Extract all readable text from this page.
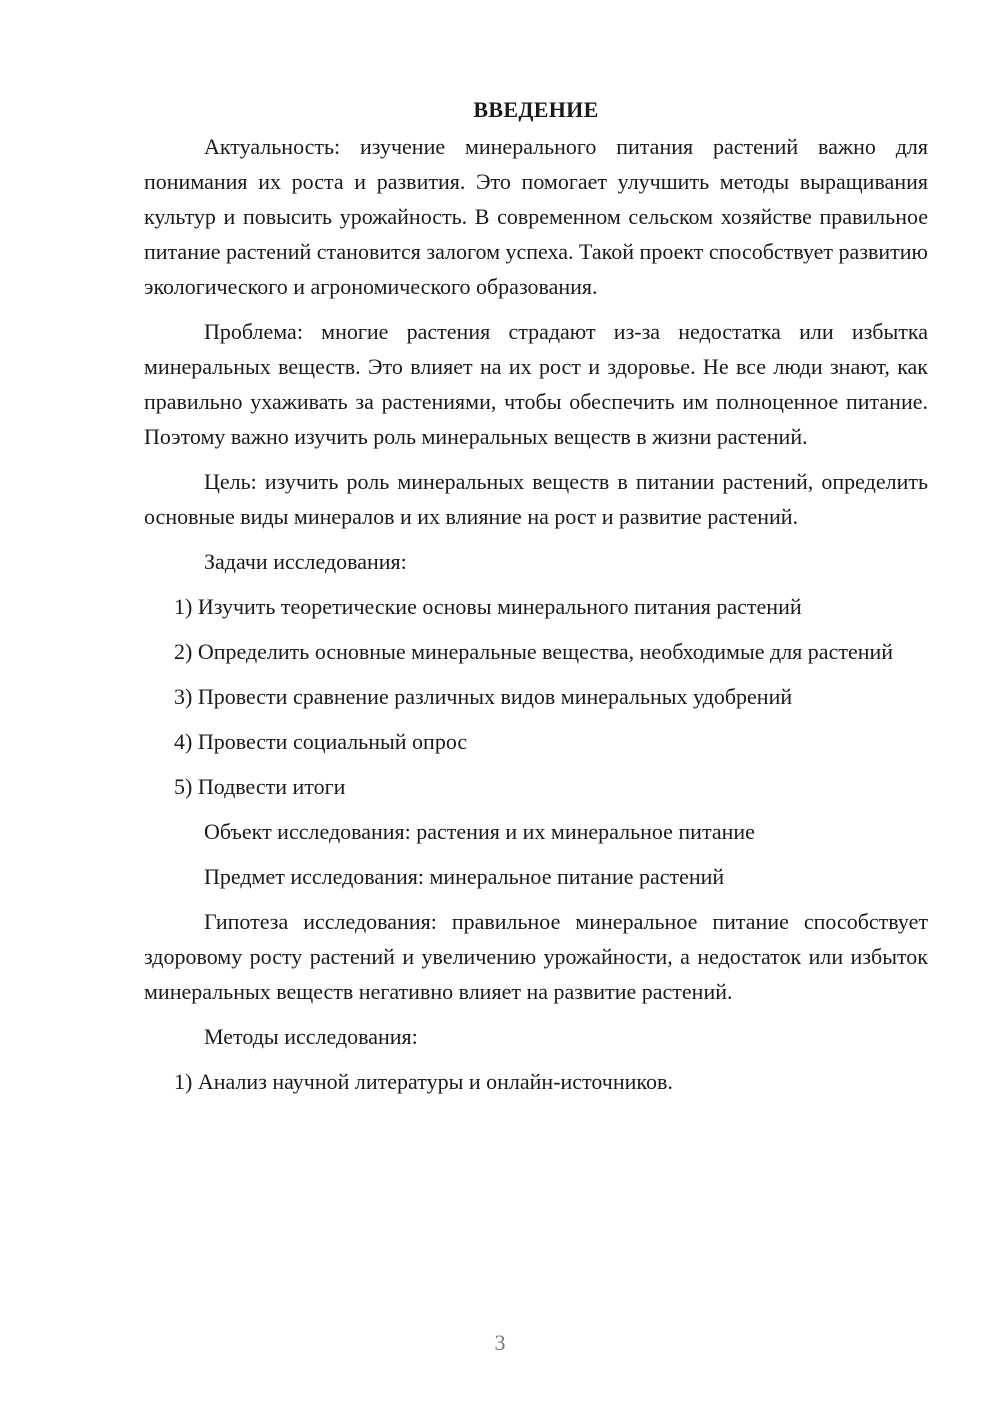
ВВЕДЕНИЕ

Актуальность: изучение минерального питания растений важно для понимания их роста и развития. Это помогает улучшить методы выращивания культур и повысить урожайность. В современном сельском хозяйстве правильное питание растений становится залогом успеха. Такой проект способствует развитию экологического и агрономического образования.

Проблема: многие растения страдают из-за недостатка или избытка минеральных веществ. Это влияет на их рост и здоровье. Не все люди знают, как правильно ухаживать за растениями, чтобы обеспечить им полноценное питание. Поэтому важно изучить роль минеральных веществ в жизни растений.

Цель: изучить роль минеральных веществ в питании растений, определить основные виды минералов и их влияние на рост и развитие растений.

Задачи исследования:

1) Изучить теоретические основы минерального питания растений

2) Определить основные минеральные вещества, необходимые для растений

3) Провести сравнение различных видов минеральных удобрений

4) Провести социальный опрос

5) Подвести итоги

Объект исследования: растения и их минеральное питание

Предмет исследования: минеральное питание растений

Гипотеза исследования: правильное минеральное питание способствует здоровому росту растений и увеличению урожайности, а недостаток или избыток минеральных веществ негативно влияет на развитие растений.

Методы исследования:

1) Анализ научной литературы и онлайн-источников.

3
